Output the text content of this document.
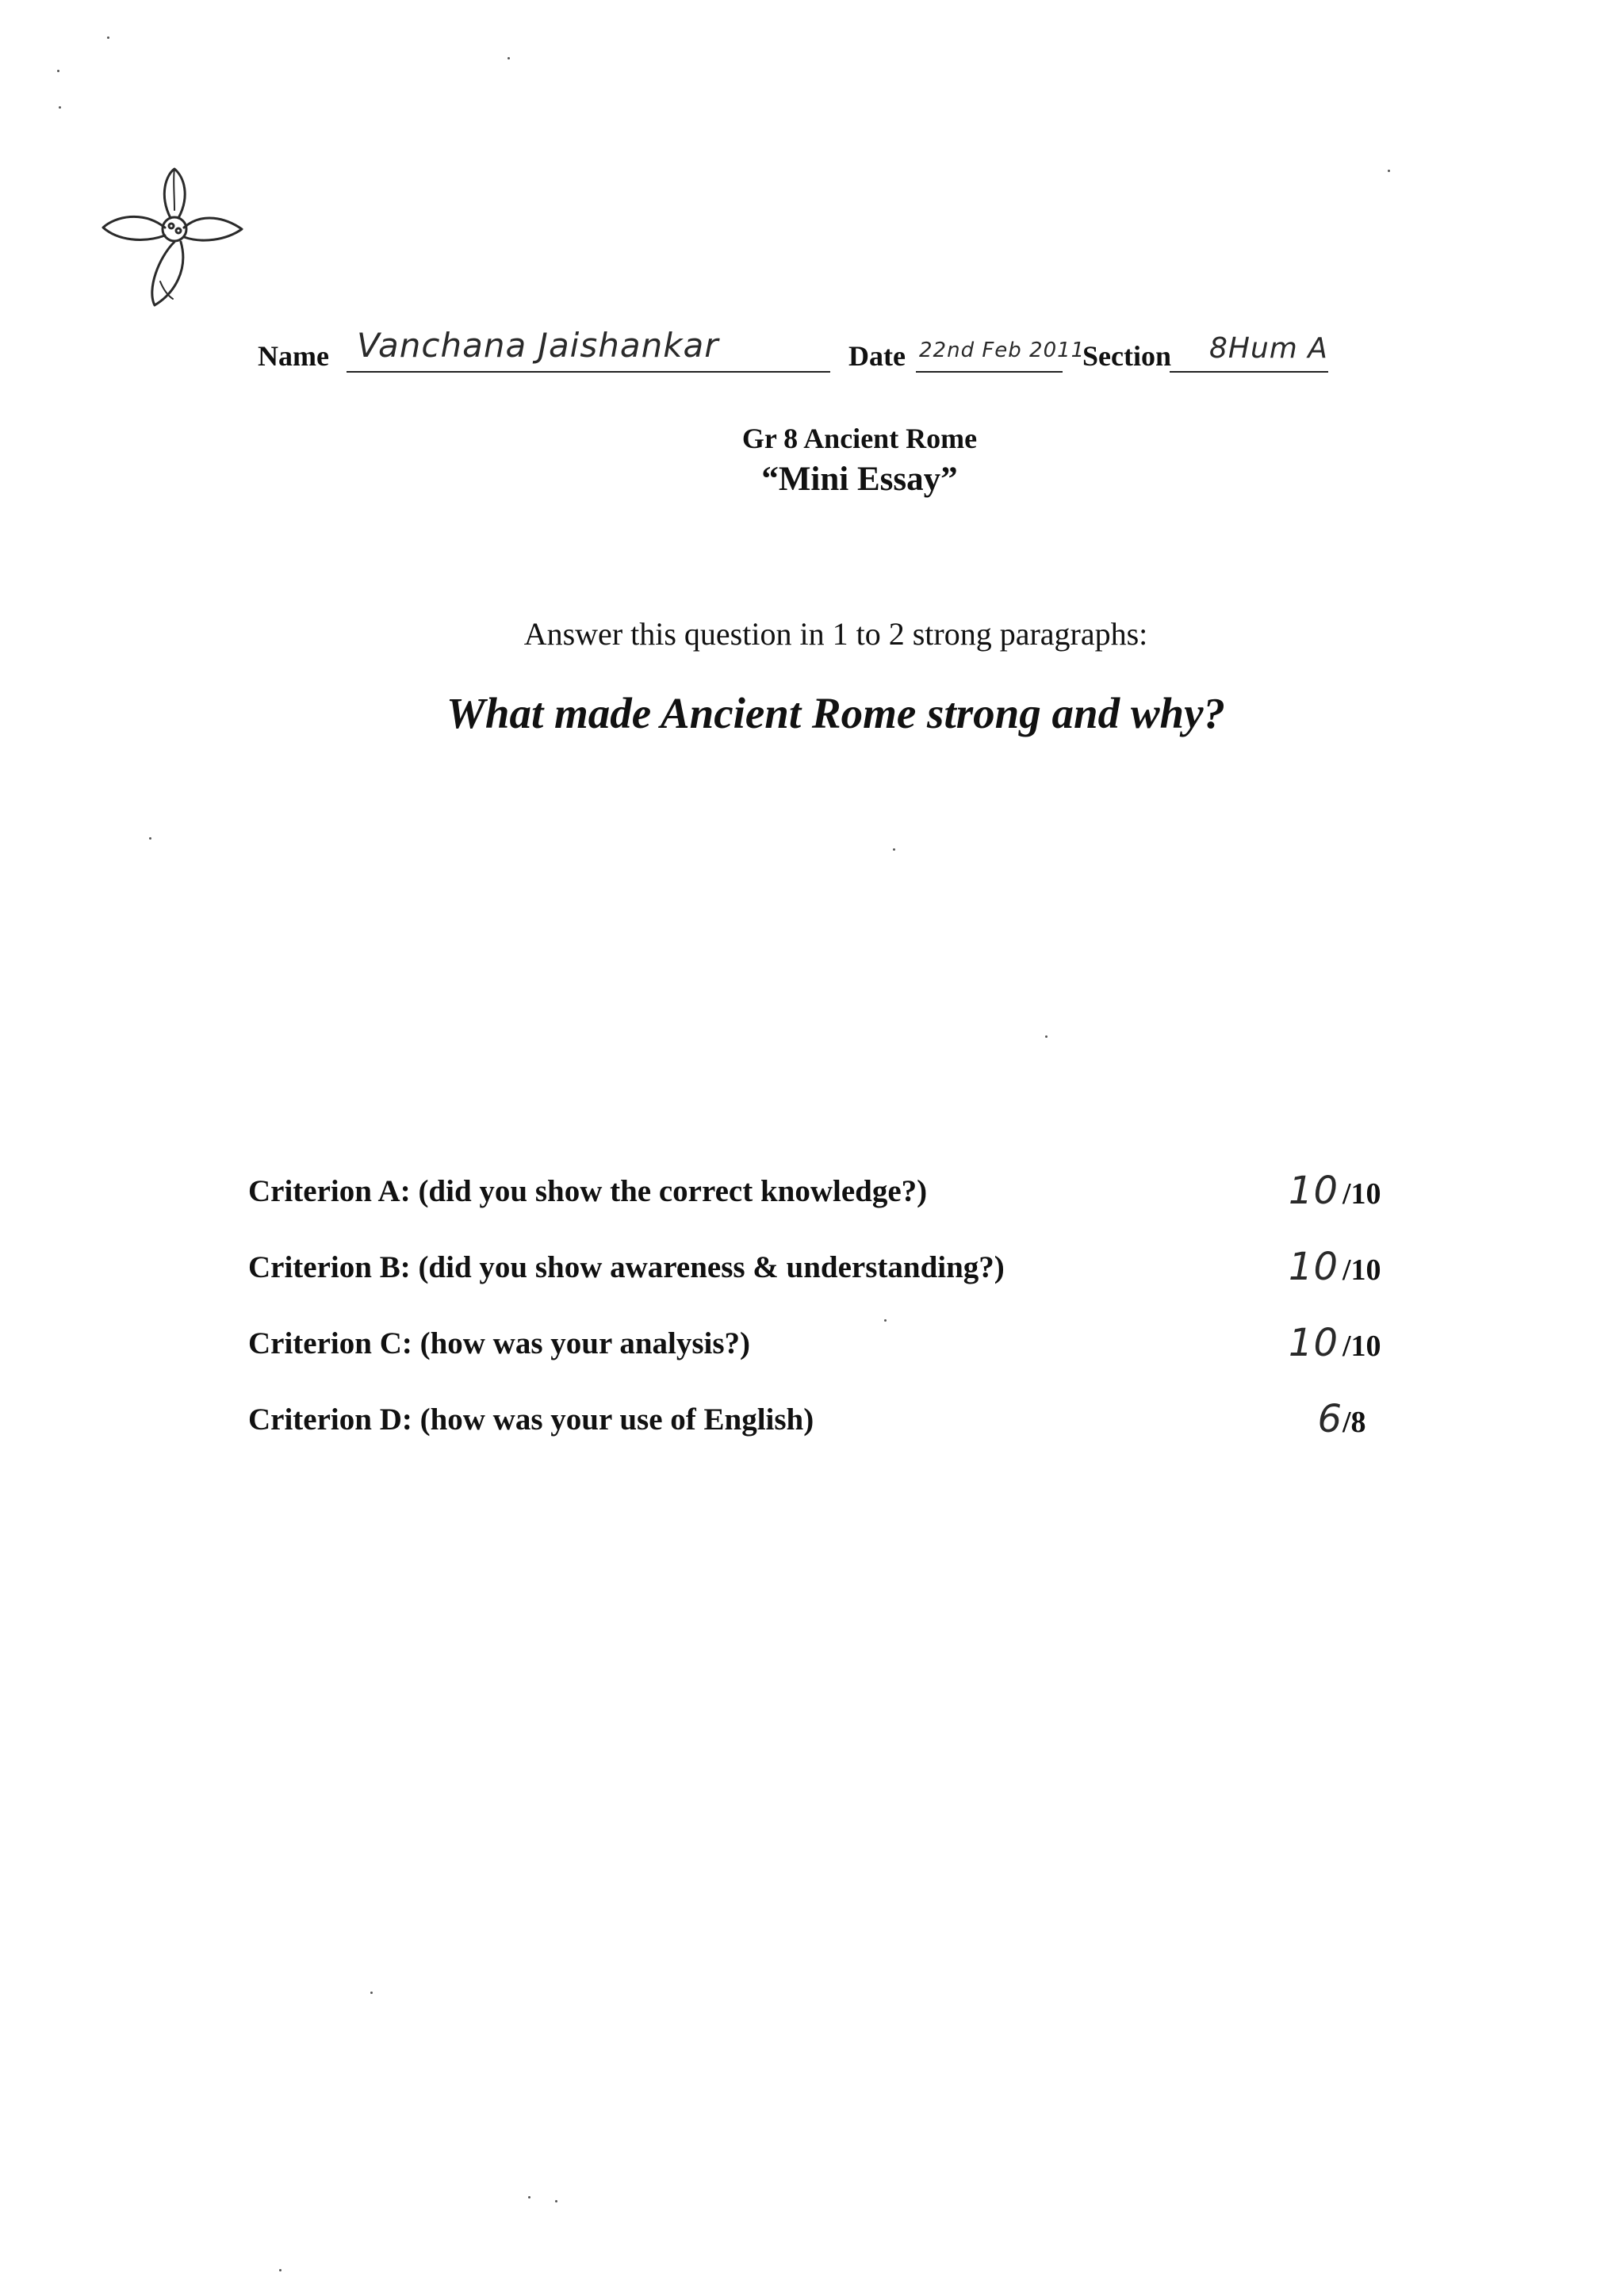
Name Vanchana Jaishankar	Date 22nd Feb 2011
Section 8Hum A
Gr 8 Ancient Rome
“Mini Essay”
Answer this question in 1 to 2 strong paragraphs:
What made Ancient Rome strong and why?
Criterion A: (did you show the correct knowledge?)	10 /10
Criterion B: (did you show awareness & understanding?)	10 /10
Criterion C: (how was your analysis?)	10 /10
Criterion D: (how was your use of English)	6 /8
